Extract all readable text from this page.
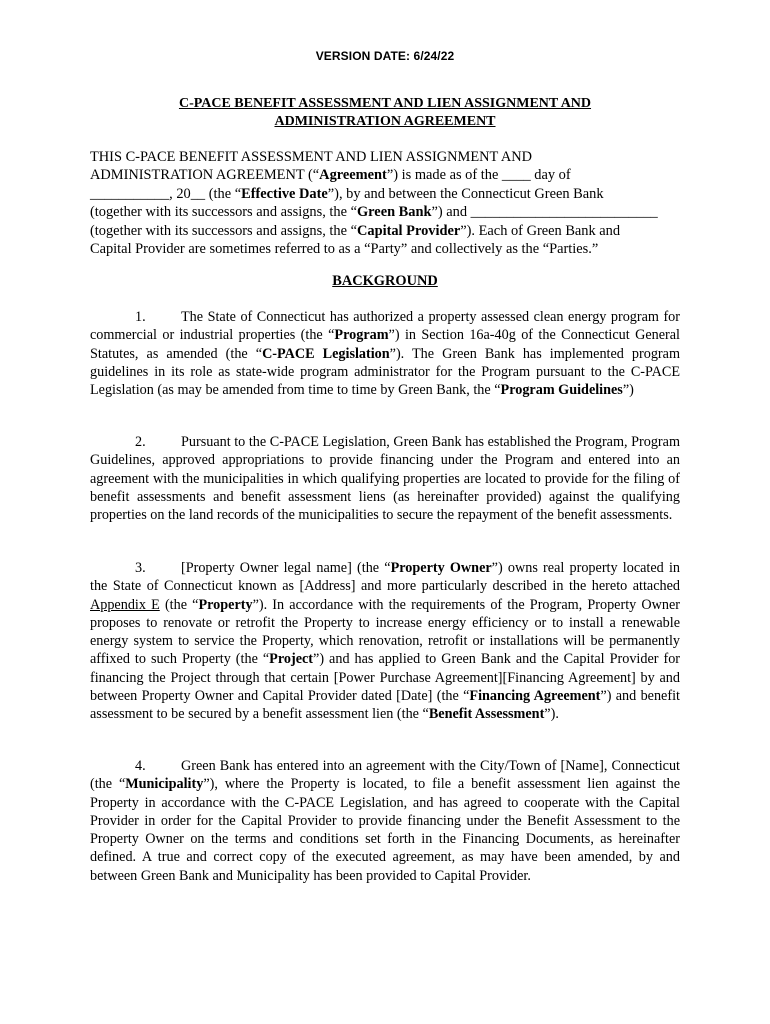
VERSION DATE: 6/24/22
C-PACE BENEFIT ASSESSMENT AND LIEN ASSIGNMENT AND
ADMINISTRATION AGREEMENT
THIS C-PACE BENEFIT ASSESSMENT AND LIEN ASSIGNMENT AND
ADMINISTRATION AGREEMENT (“Agreement”) is made as of the ____ day of
___________, 20__ (the “Effective Date”), by and between the Connecticut Green Bank
(together with its successors and assigns, the “Green Bank”) and __________________________
(together with its successors and assigns, the “Capital Provider”). Each of Green Bank and
Capital Provider are sometimes referred to as a “Party” and collectively as the “Parties.”
BACKGROUND
1. The State of Connecticut has authorized a property assessed clean energy program for commercial or industrial properties (the “Program”) in Section 16a-40g of the Connecticut General Statutes, as amended (the “C-PACE Legislation”). The Green Bank has implemented program guidelines in its role as state-wide program administrator for the Program pursuant to the C-PACE Legislation (as may be amended from time to time by Green Bank, the “Program Guidelines”)
2. Pursuant to the C-PACE Legislation, Green Bank has established the Program, Program Guidelines, approved appropriations to provide financing under the Program and entered into an agreement with the municipalities in which qualifying properties are located to provide for the filing of benefit assessments and benefit assessment liens (as hereinafter provided) against the qualifying properties on the land records of the municipalities to secure the repayment of the benefit assessments.
3. [Property Owner legal name] (the “Property Owner”) owns real property located in the State of Connecticut known as [Address] and more particularly described in the hereto attached Appendix E (the “Property”). In accordance with the requirements of the Program, Property Owner proposes to renovate or retrofit the Property to increase energy efficiency or to install a renewable energy system to service the Property, which renovation, retrofit or installations will be permanently affixed to such Property (the “Project”) and has applied to Green Bank and the Capital Provider for financing the Project through that certain [Power Purchase Agreement][Financing Agreement] by and between Property Owner and Capital Provider dated [Date] (the “Financing Agreement”) and benefit assessment to be secured by a benefit assessment lien (the “Benefit Assessment”).
4. Green Bank has entered into an agreement with the City/Town of [Name], Connecticut (the “Municipality”), where the Property is located, to file a benefit assessment lien against the Property in accordance with the C-PACE Legislation, and has agreed to cooperate with the Capital Provider in order for the Capital Provider to provide financing under the Benefit Assessment to the Property Owner on the terms and conditions set forth in the Financing Documents, as hereinafter defined. A true and correct copy of the executed agreement, as may have been amended, by and between Green Bank and Municipality has been provided to Capital Provider.
